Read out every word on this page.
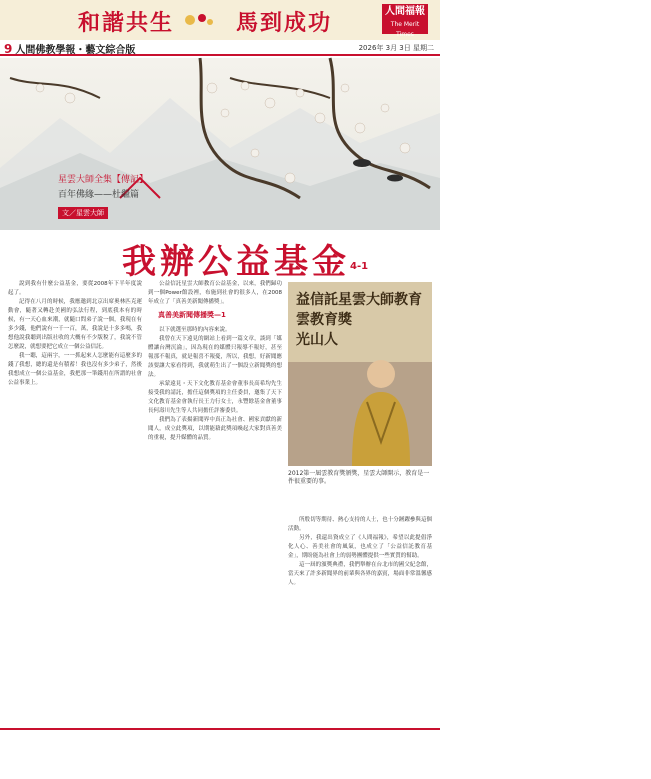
和諧共生	馬到成功	人間福報
The Merit Times
9 人間佛教學報・藝文綜合版	2026年 3月 3日 星期二
星雲大師全集【傳記】
百年佛緣——杜繼篇
文／星雲大師
我辦公益基金 4-1

說到我有什麼公益基金，要從2008年下半年度說起了。

記得在八月的時候，我應邀到北京出席奧林匹克運動會，隨著又轉赴美國的弘法行程，到底我本有的時候，有一天心血來潮，就隨口問弟子說一個，我現在有多少錢，他們說有一千一百，萬，我說是十多多嗎，我想他說我聽到出版社收的大概有不少版稅了，我說不管怎麼說，就想要把它成立一個公益信託。

我一聽，這兩字，一一抓起來人怎麼能有這麼多的錢了我想，總的還是有積蓄！我也沒有多少弟子，然後我想成立一個公益基金，我把那一筆錢用在所謂的社會公益事業上。

公益信託星雲大師教育公益基金，以來，我們歸功到一個Power館設裡，布施到社會的很多人，在2008年成立了「真善美新聞傳播獎」。

真善美新聞傳播獎—1

以下就選至那時的內容來說。

我曾在天下遠見的網站上看到一篇文章，談到「媒體讓台灣沉淪」，因為現在的媒體只報導不報好，甚至報那不報真，就是報喜不報憂，所以，我想，好新聞應該要讓大家看得到，我就萌生出了一個設立新聞獎的想法。

承蒙遠見・天下文化教育基金會董事長高希均先生接受我的請託，擔任這個獎項的主任委員，邀集了天下文化教育基金會執行長王力行女士，永豐餘基金會董事長何壽川先生等人共同擔任評審委員。

我們為了表揚新聞界中真正為社會、國家貢獻的新聞人，成立此獎項，以期能藉此獎項喚起大家對真善美的重視，提升媒體的品質。

益信託星雲大師教育
雲教育獎
光山人
攝／佛光山提供
2012第一屆雲教育獎頒獎，星雲大師開示，教育是一件很重要的事。

所殷切等期待、熱心支持的人士，也十分踴躍參與這個活動。

另外，我還出資成立了《人間福報》，希望以此提倡淨化人心、善美社會的風氣，也成立了「公益信託教育基金」，期盼能為社會上的弱勢團體提供一些實質的幫助。

這一屆的頒獎典禮，我們舉辦在台北市的國父紀念館，當天來了許多新聞界的前輩與各界的嘉賓，場面非常溫馨感人。
